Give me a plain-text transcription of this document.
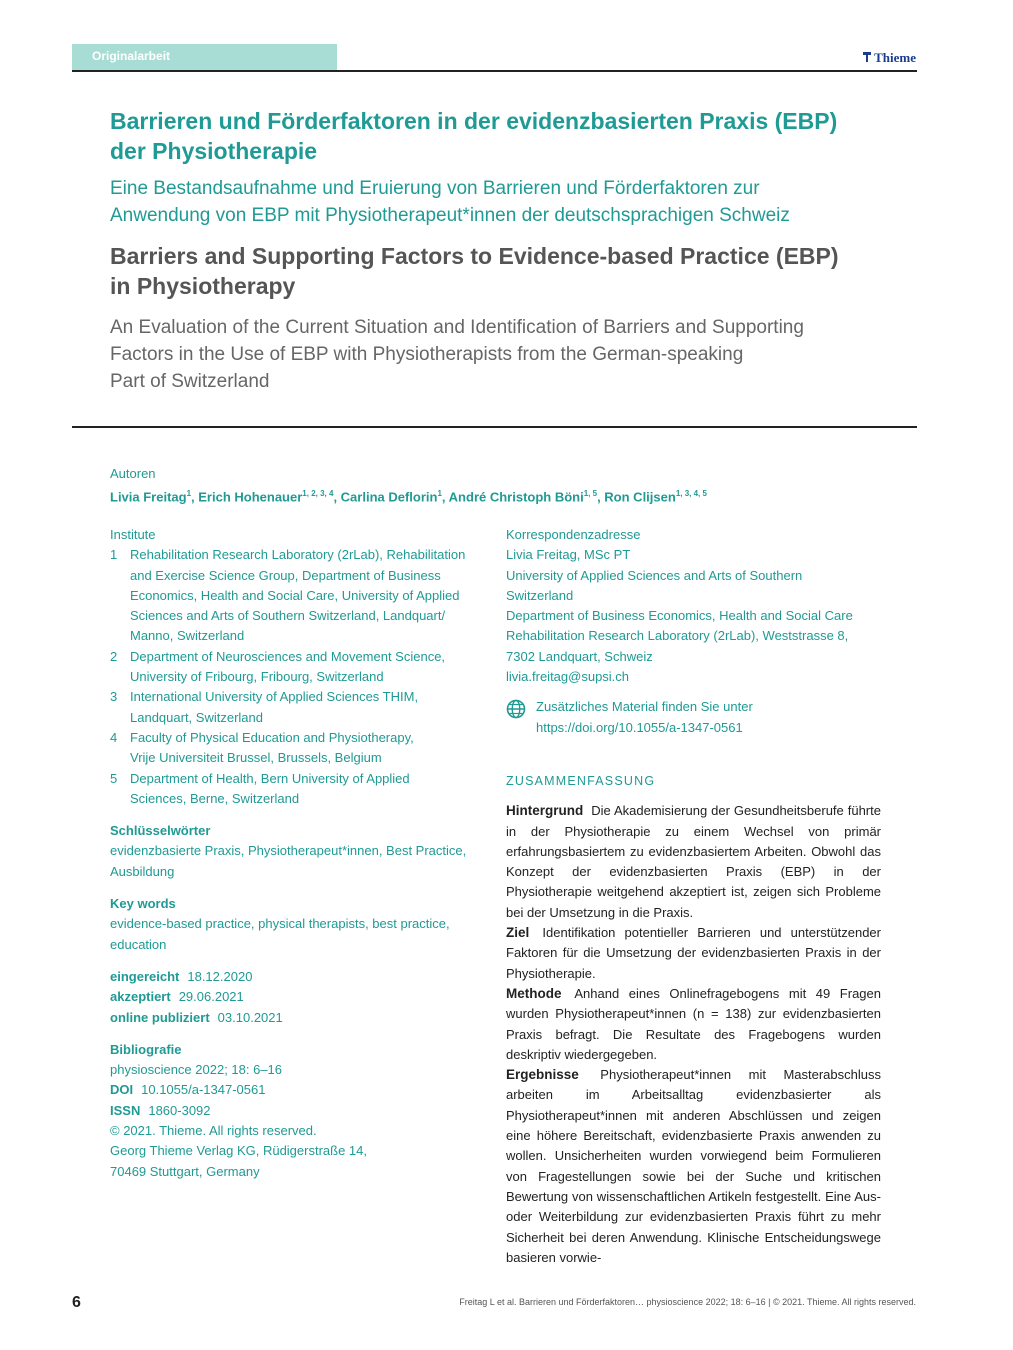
Originalarbeit	Thieme
Barrieren und Förderfaktoren in der evidenzbasierten Praxis (EBP)
der Physiotherapie
Eine Bestandsaufnahme und Eruierung von Barrieren und Förderfaktoren zur
Anwendung von EBP mit Physiotherapeut*innen der deutschsprachigen Schweiz
Barriers and Supporting Factors to Evidence-based Practice (EBP)
in Physiotherapy
An Evaluation of the Current Situation and Identification of Barriers and Supporting
Factors in the Use of EBP with Physiotherapists from the German-speaking
Part of Switzerland
Autoren
Livia Freitag$^1$, Erich Hohenauer$^{1, 2, 3, 4}$, Carlina Deflorin$^1$, André Christoph Böni$^{1, 5}$, Ron Clijsen$^{1, 3, 4, 5}$
Institute
1 Rehabilitation Research Laboratory (2rLab), Rehabilitation
and Exercise Science Group, Department of Business
Economics, Health and Social Care, University of Applied
Sciences and Arts of Southern Switzerland, Landquart/
Manno, Switzerland
2 Department of Neurosciences and Movement Science,
University of Fribourg, Fribourg, Switzerland
3 International University of Applied Sciences THIM,
Landquart, Switzerland
4 Faculty of Physical Education and Physiotherapy,
Vrije Universiteit Brussel, Brussels, Belgium
5 Department of Health, Bern University of Applied
Sciences, Berne, Switzerland
Schlüsselwörter
evidenzbasierte Praxis, Physiotherapeut*innen, Best Practice,
Ausbildung
Key words
evidence-based practice, physical therapists, best practice,
education
eingereicht 18.12.2020
akzeptiert 29.06.2021
online publiziert 03.10.2021
Bibliografie
physioscience 2022; 18: 6–16
DOI 10.1055/a-1347-0561
ISSN 1860-3092
© 2021. Thieme. All rights reserved.
Georg Thieme Verlag KG, Rüdigerstraße 14,
70469 Stuttgart, Germany
Korrespondenzadresse
Livia Freitag, MSc PT
University of Applied Sciences and Arts of Southern
Switzerland
Department of Business Economics, Health and Social Care
Rehabilitation Research Laboratory (2rLab), Weststrasse 8,
7302 Landquart, Schweiz
livia.freitag@supsi.ch
Zusätzliches Material finden Sie unter
https://doi.org/10.1055/a-1347-0561
ZUSAMMENFASSUNG

Hintergrund Die Akademisierung der Gesundheitsberufe führte in der Physiotherapie zu einem Wechsel von primär erfahrungsbasiertem zu evidenzbasiertem Arbeiten. Obwohl das Konzept der evidenzbasierten Praxis (EBP) in der Physiotherapie weitgehend akzeptiert ist, zeigen sich Probleme bei der Umsetzung in die Praxis.

Ziel Identifikation potentieller Barrieren und unterstützender Faktoren für die Umsetzung der evidenzbasierten Praxis in der Physiotherapie.

Methode Anhand eines Onlinefragebogens mit 49 Fragen wurden Physiotherapeut*innen (n = 138) zur evidenzbasierten Praxis befragt. Die Resultate des Fragebogens wurden deskriptiv wiedergegeben.

Ergebnisse Physiotherapeut*innen mit Masterabschluss arbeiten im Arbeitsalltag evidenzbasierter als Physiotherapeut*innen mit anderen Abschlüssen und zeigen eine höhere Bereitschaft, evidenzbasierte Praxis anwenden zu wollen. Unsicherheiten wurden vorwiegend beim Formulieren von Fragestellungen sowie bei der Suche und kritischen Bewertung von wissenschaftlichen Artikeln festgestellt. Eine Aus- oder Weiterbildung zur evidenzbasierten Praxis führt zu mehr Sicherheit bei deren Anwendung. Klinische Entscheidungswege basieren vorwie-

6	Freitag L et al. Barrieren und Förderfaktoren… physioscience 2022; 18: 6–16 | © 2021. Thieme. All rights reserved.
